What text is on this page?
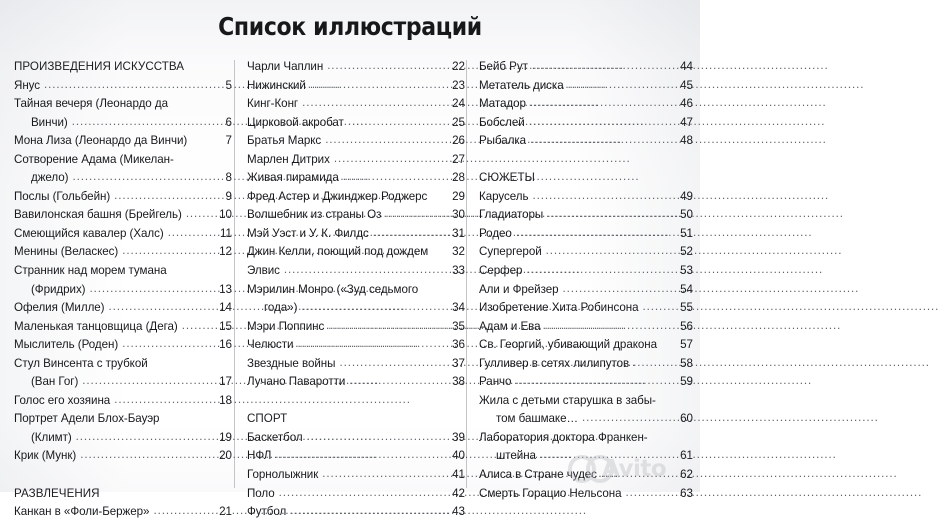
Список иллюстраций
ПРОИЗВЕДЕНИЯ ИСКУССТВА
Янус .....	5
Тайная вечеря (Леонардо да
Винчи) .....	6
Мона Лиза (Леонардо да Винчи)	7
Сотворение Адама (Микелан-
джело) .....	8
Послы (Гольбейн) .....	9
Вавилонская башня (Брейгель) .....	10
Смеющийся кавалер (Халс) .....	11
Менины (Веласкес) .....	12
Странник над морем тумана
(Фридрих) .....	13
Офелия (Милле) .....	14
Маленькая танцовщица (Дега) .....	15
Мыслитель (Роден) .....	16
Стул Винсента с трубкой
(Ван Гог) .....	17
Голос его хозяина .....	18
Портрет Адели Блох-Бауэр
(Климт) .....	19
Крик (Мунк) .....	20
РАЗВЛЕЧЕНИЯ
Канкан в «Фоли-Бержер» .....	21
Чарли Чаплин .....	22
Нижинский .....	23
Кинг-Конг .....	24
Цирковой акробат .....	25
Братья Маркс .....	26
Марлен Дитрих .....	27
Живая пирамида .....	28
Фред Астер и Джинджер Роджерс	29
Волшебник из страны Оз .....	30
Мэй Уэст и У. К. Филдс .....	31
Джин Келли, поющий под дождем	32
Элвис .....	33
Мэрилин Монро («Зуд седьмого
года») .....	34
Мэри Поппинс .....	35
Челюсти .....	36
Звездные войны .....	37
Лучано Паваротти .....	38
СПОРТ
Баскетбол .....	39
НФЛ .....	40
Горнолыжник .....	41
Поло .....	42
Футбол .....	43
Бейб Рут .....	44
Метатель диска .....	45
Матадор .....	46
Бобслей .....	47
Рыбалка .....	48
СЮЖЕТЫ
Карусель .....	49
Гладиаторы .....	50
Родео .....	51
Супергерой .....	52
Серфер .....	53
Али и Фрейзер .....	54
Изобретение Хита Робинсона .....	55
Адам и Ева .....	56
Св. Георгий, убивающий дракона	57
Гулливер в сетях лилипутов .....	58
Ранчо .....	59
Жила с детьми старушка в забы-
том башмаке… .....	60
Лаборатория доктора Франкен-
штейна .....	61
Алиса в Стране чудес .....	62
Смерть Горацио Нельсона .....	63
Avito
